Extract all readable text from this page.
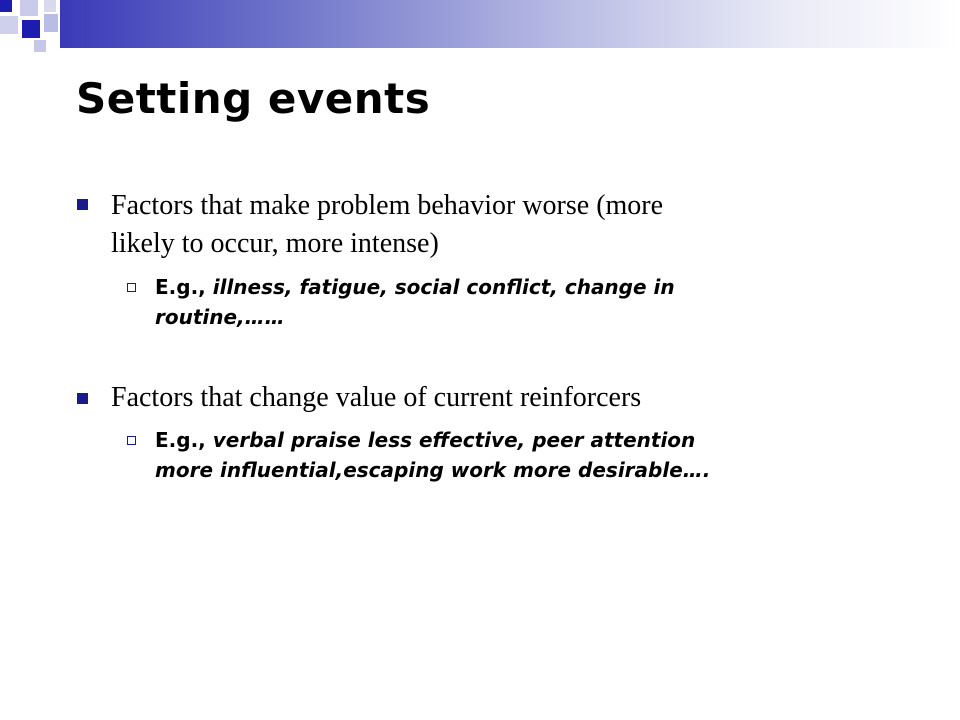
Setting events
Factors that make problem behavior worse (more
likely to occur, more intense)
E.g., illness, fatigue, social conflict, change in
routine,……
Factors that change value of current reinforcers
E.g., verbal praise less effective, peer attention
more influential,escaping work more desirable….
